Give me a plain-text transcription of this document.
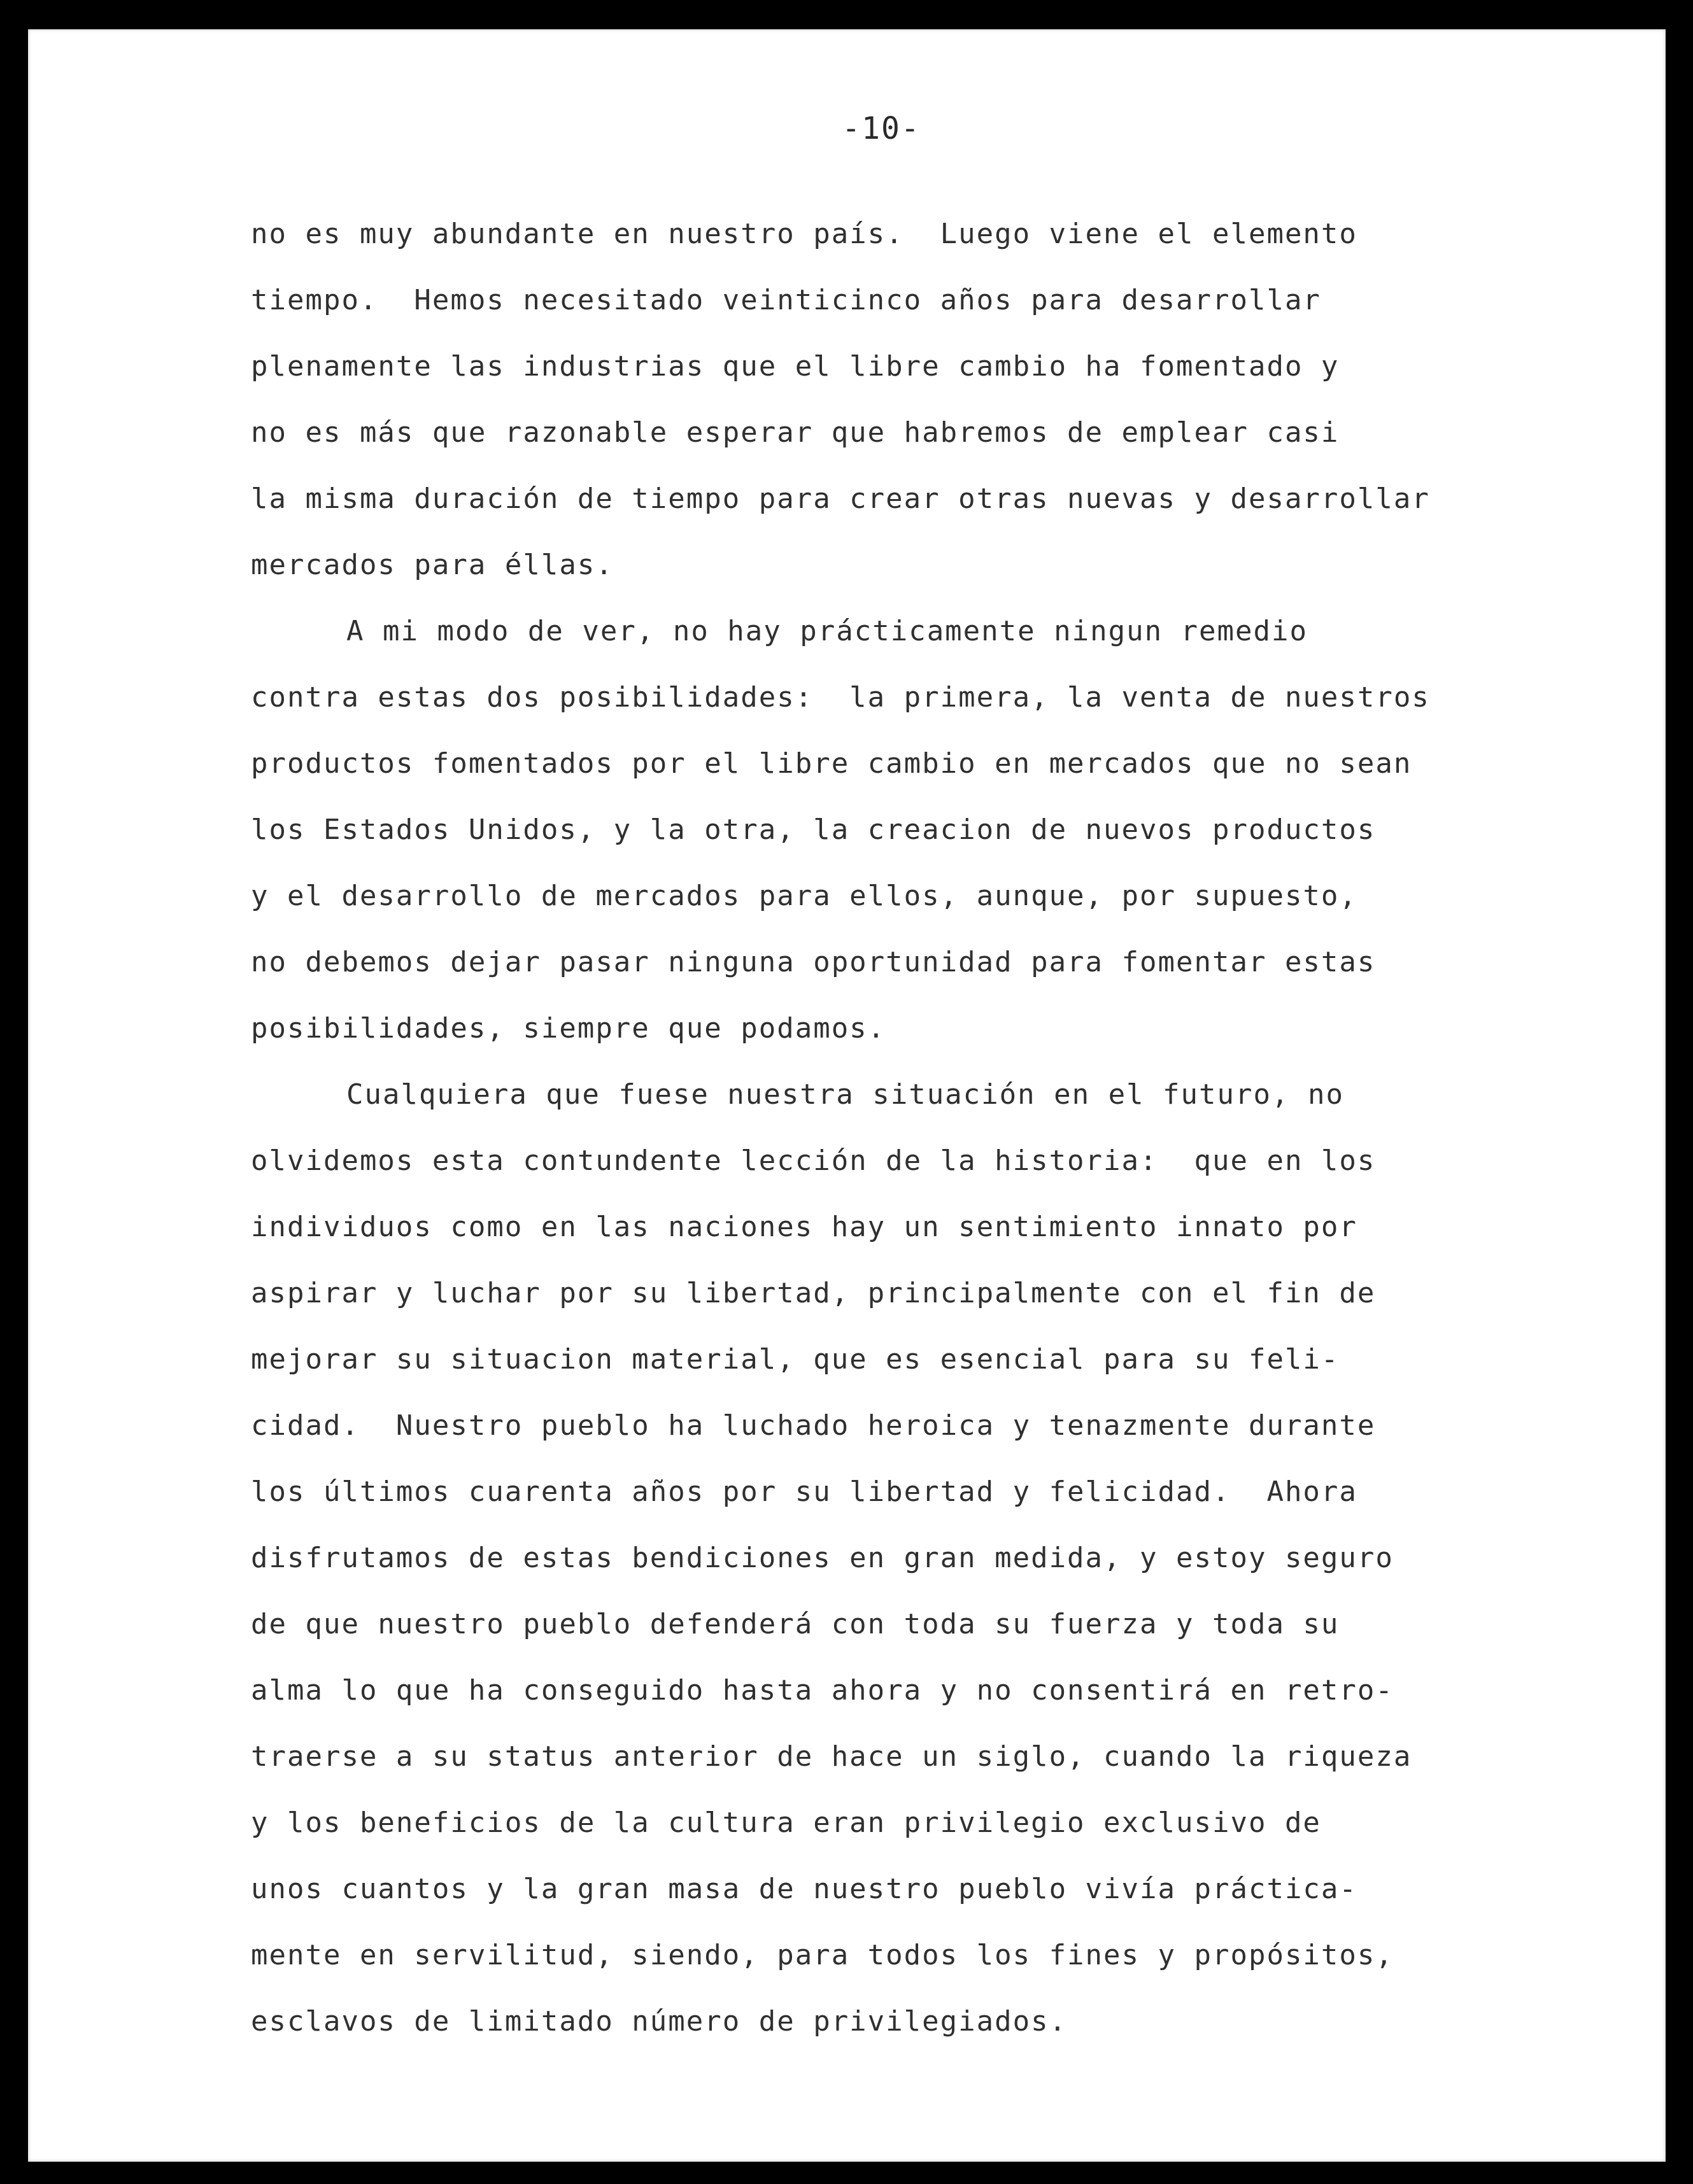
-10-
no es muy abundante en nuestro país.  Luego viene el elemento
tiempo.  Hemos necesitado veinticinco años para desarrollar
plenamente las industrias que el libre cambio ha fomentado y
no es más que razonable esperar que habremos de emplear casi
la misma duración de tiempo para crear otras nuevas y desarrollar
mercados para éllas.
A mi modo de ver, no hay prácticamente ningun remedio
contra estas dos posibilidades:  la primera, la venta de nuestros
productos fomentados por el libre cambio en mercados que no sean
los Estados Unidos, y la otra, la creacion de nuevos productos
y el desarrollo de mercados para ellos, aunque, por supuesto,
no debemos dejar pasar ninguna oportunidad para fomentar estas
posibilidades, siempre que podamos.
Cualquiera que fuese nuestra situación en el futuro, no
olvidemos esta contundente lección de la historia:  que en los
individuos como en las naciones hay un sentimiento innato por
aspirar y luchar por su libertad, principalmente con el fin de
mejorar su situacion material, que es esencial para su feli-
cidad.  Nuestro pueblo ha luchado heroica y tenazmente durante
los últimos cuarenta años por su libertad y felicidad.  Ahora
disfrutamos de estas bendiciones en gran medida, y estoy seguro
de que nuestro pueblo defenderá con toda su fuerza y toda su
alma lo que ha conseguido hasta ahora y no consentirá en retro-
traerse a su status anterior de hace un siglo, cuando la riqueza
y los beneficios de la cultura eran privilegio exclusivo de
unos cuantos y la gran masa de nuestro pueblo vivía práctica-
mente en servilitud, siendo, para todos los fines y propósitos,
esclavos de limitado número de privilegiados.
